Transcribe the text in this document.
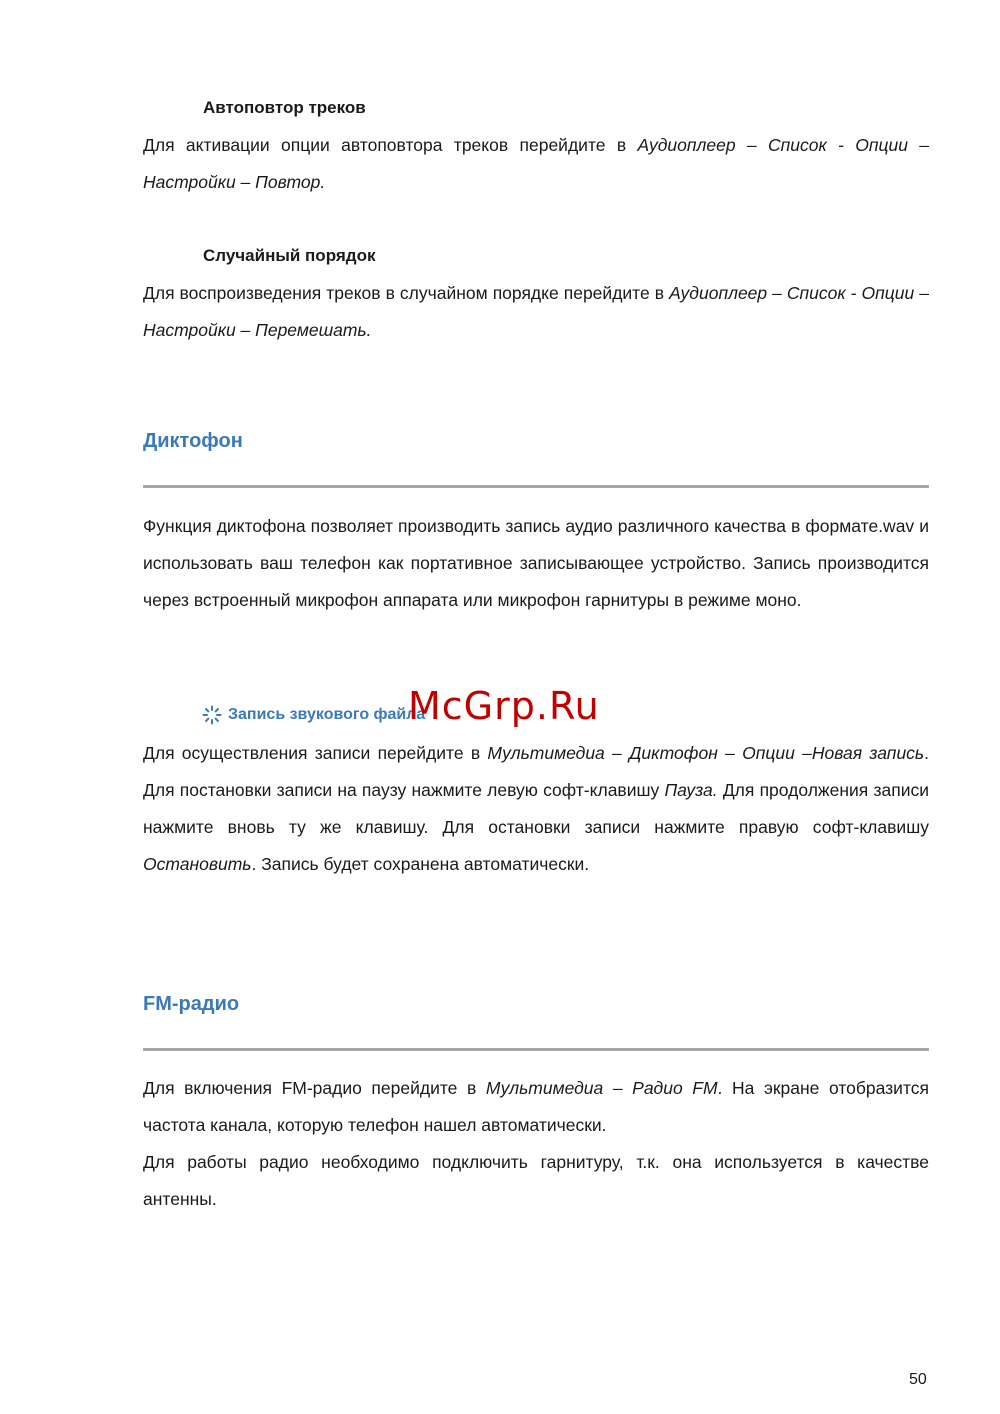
Автоповтор треков

Для активации опции автоповтора треков перейдите в Аудиоплеер – Список - Опции – Настройки – Повтор.

Случайный порядок

Для воспроизведения треков в случайном порядке перейдите в Аудиоплеер – Список - Опции – Настройки – Перемешать.

Диктофон

Функция диктофона позволяет производить запись аудио различного качества в формате.wav и использовать ваш телефон как портативное записывающее устройство. Запись производится через встроенный микрофон аппарата или микрофон гарнитуры в режиме моно.

Запись звукового файла

Для осуществления записи перейдите в Мультимедиа – Диктофон – Опции –Новая запись. Для постановки записи на паузу нажмите левую софт-клавишу Пауза. Для продолжения записи нажмите вновь ту же клавишу. Для остановки записи нажмите правую софт-клавишу Остановить. Запись будет сохранена автоматически.

FM-радио

Для включения FM-радио перейдите в Мультимедиа – Радио FM. На экране отобразится частота канала, которую телефон нашел автоматически.

Для работы радио необходимо подключить гарнитуру, т.к. она используется в качестве антенны.

McGrp.Ru
50
